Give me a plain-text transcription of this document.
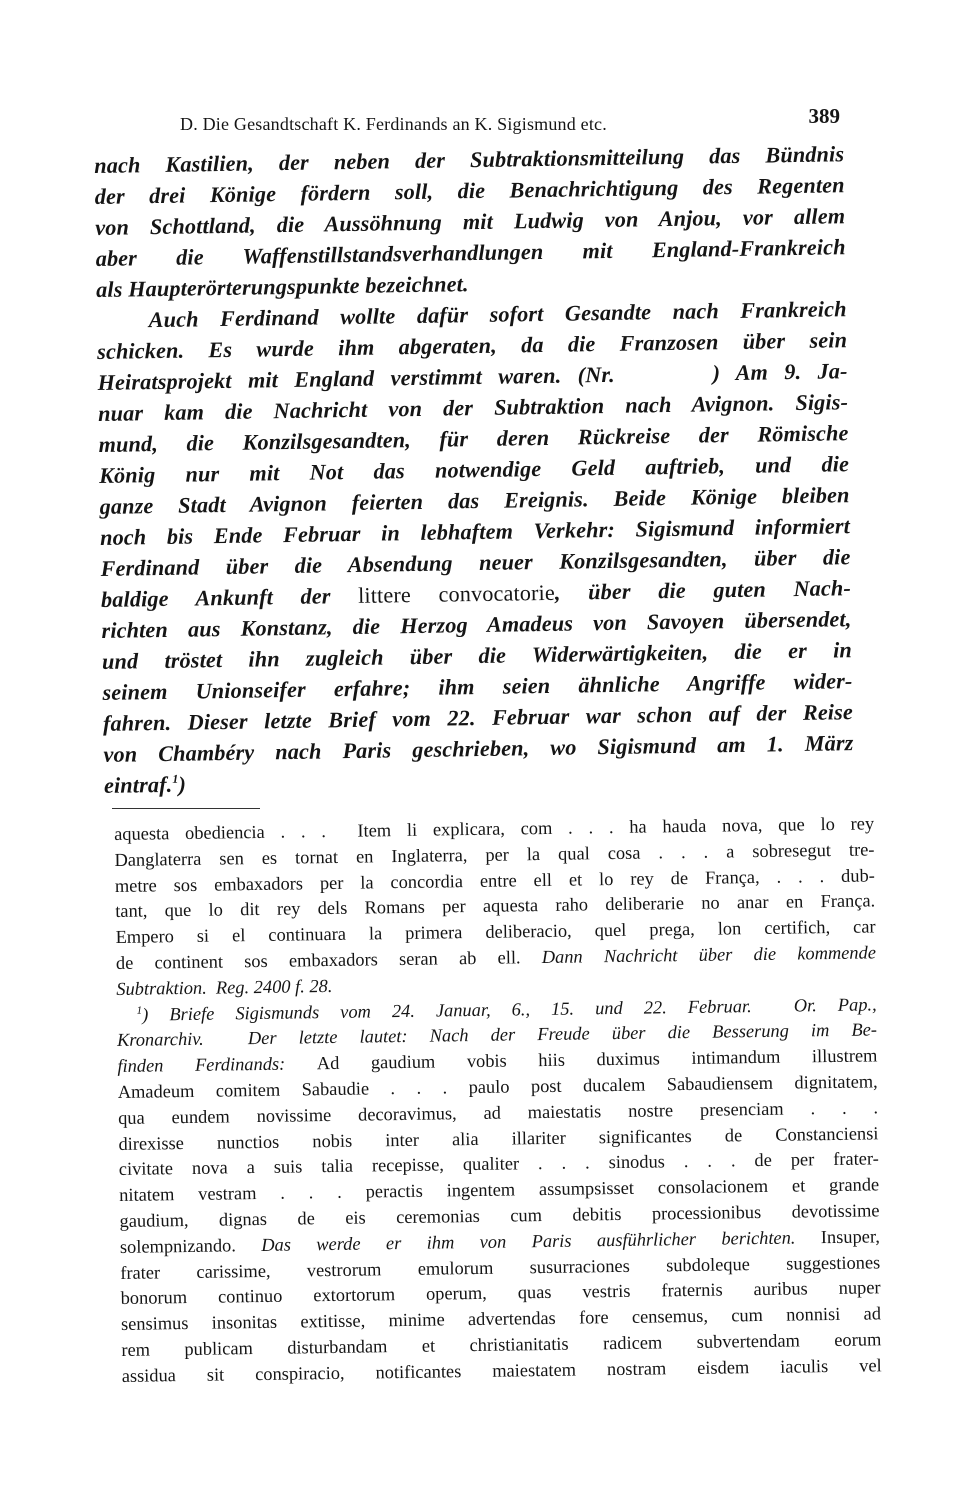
D. Die Gesandtschaft K. Ferdinands an K. Sigismund etc.	389
nach Kastilien, der neben der Subtraktionsmitteilung das Bündnis
der drei Könige fördern soll, die Benachrichtigung des Regenten
von Schottland, die Aussöhnung mit Ludwig von Anjou, vor allem
aber die Waffenstillstandsverhandlungen mit England-Frankreich
als Haupterörterungspunkte bezeichnet.
Auch Ferdinand wollte dafür sofort Gesandte nach Frankreich
schicken. Es wurde ihm abgeraten, da die Franzosen über sein
Heiratsprojekt mit England verstimmt waren. (Nr.      ) Am 9. Ja-
nuar kam die Nachricht von der Subtraktion nach Avignon. Sigis-
mund, die Konzilsgesandten, für deren Rückreise der Römische
König nur mit Not das notwendige Geld auftrieb, und die
ganze Stadt Avignon feierten das Ereignis. Beide Könige bleiben
noch bis Ende Februar in lebhaftem Verkehr: Sigismund informiert
Ferdinand über die Absendung neuer Konzilsgesandten, über die
baldige Ankunft der littere convocatorie, über die guten Nach-
richten aus Konstanz, die Herzog Amadeus von Savoyen übersendet,
und tröstet ihn zugleich über die Widerwärtigkeiten, die er in
seinem Unionseifer erfahre; ihm seien ähnliche Angriffe wider-
fahren. Dieser letzte Brief vom 22. Februar war schon auf der Reise
von Chambéry nach Paris geschrieben, wo Sigismund am 1. März
eintraf.$^1$)
aquesta obediencia . . .  Item li explicara, com . . . ha hauda nova, que lo rey
Danglaterra sen es tornat en Inglaterra, per la qual cosa . . . a sobresegut tre-
metre sos embaxadors per la concordia entre ell et lo rey de França, . . . dub-
tant, que lo dit rey dels Romans per aquesta raho deliberarie no anar en França.
Empero si el continuara la primera deliberacio, quel prega, lon certifich, car
de continent sos embaxadors seran ab ell. Dann Nachricht über die kommende
Subtraktion.  Reg. 2400 f. 28.
$^1$) Briefe Sigismunds vom 24. Januar, 6., 15. und 22. Februar.  Or. Pap.,
Kronarchiv.  Der letzte lautet: Nach der Freude über die Besserung im Be-
finden Ferdinands: Ad gaudium vobis hiis duximus intimandum illustrem
Amadeum comitem Sabaudie . . . paulo post ducalem Sabaudiensem dignitatem,
qua eundem novissime decoravimus, ad maiestatis nostre presenciam . . .
direxisse nunctios nobis inter alia illariter significantes de Constanciensi
civitate nova a suis talia recepisse, qualiter . . . sinodus . . . de per frater-
nitatem vestram . . . peractis ingentem assumpsisset consolacionem et grande
gaudium, dignas de eis ceremonias cum debitis processionibus devotissime
solempnizando. Das werde er ihm von Paris ausführlicher berichten. Insuper,
frater carissime, vestrorum emulorum susurraciones subdoleque suggestiones
bonorum continuo extortorum operum, quas vestris fraternis auribus nuper
sensimus insonitas extitisse, minime advertendas fore censemus, cum nonnisi ad
rem publicam disturbandam et christianitatis radicem subvertendam eorum
assidua sit conspiracio, notificantes maiestatem nostram eisdem iaculis vel
